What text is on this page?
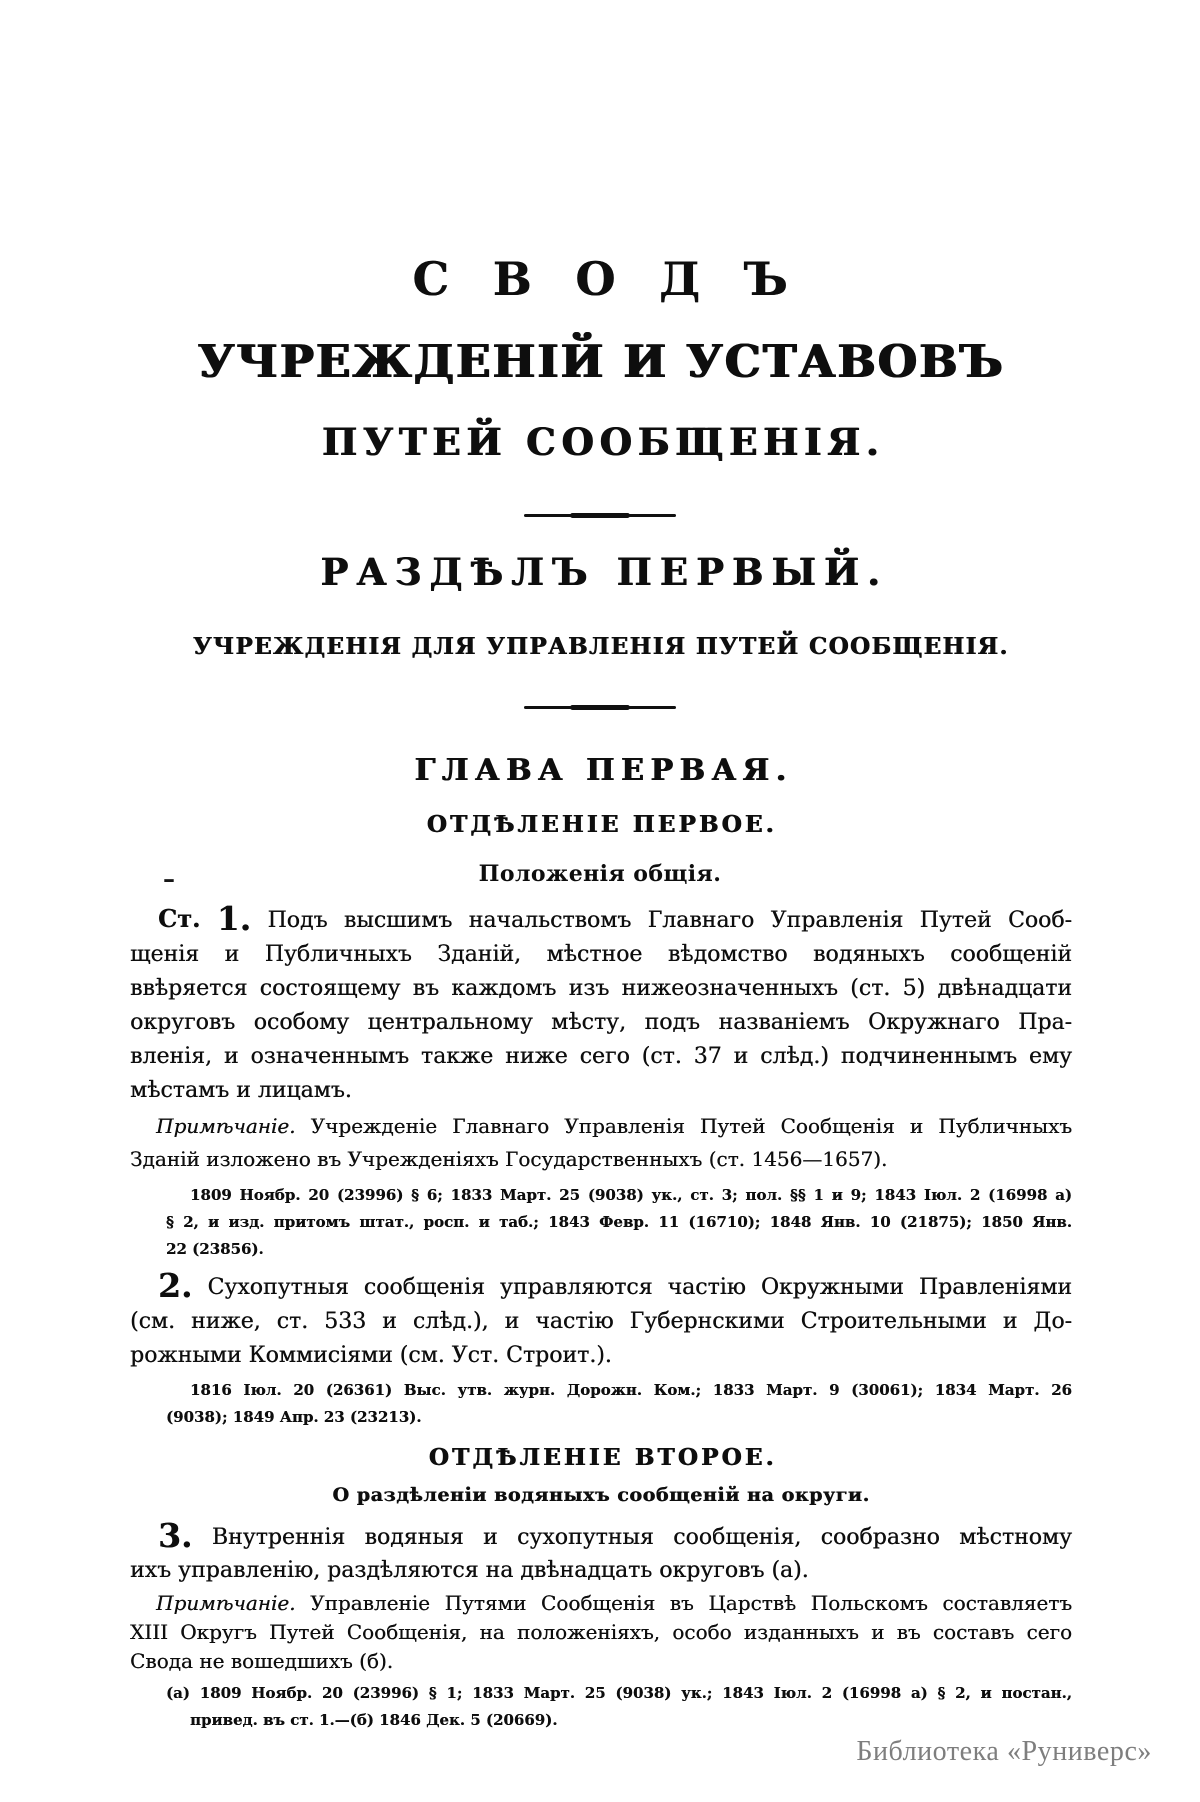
СВОДЪ
УЧРЕЖДЕНІЙ И УСТАВОВЪ
ПУТЕЙ СООБЩЕНІЯ.
РАЗДѢЛЪ ПЕРВЫЙ.
УЧРЕЖДЕНІЯ ДЛЯ УПРАВЛЕНІЯ ПУТЕЙ СООБЩЕНІЯ.
ГЛАВА ПЕРВАЯ.
ОТДѢЛЕНІЕ ПЕРВОЕ.
Положенія общія.
–
Ст. 1. Подъ высшимъ начальствомъ Главнаго Управленія Путей Сооб-
щенія и Публичныхъ Зданій, мѣстное вѣдомство водяныхъ сообщеній
ввѣряется состоящему въ каждомъ изъ нижеозначенныхъ (ст. 5) двѣнадцати
округовъ особому центральному мѣсту, подъ названіемъ Окружнаго Пра-
вленія, и означеннымъ также ниже сего (ст. 37 и слѣд.) подчиненнымъ ему
мѣстамъ и лицамъ.
Примѣчаніе. Учрежденіе Главнаго Управленія Путей Сообщенія и Публичныхъ
Зданій изложено въ Учрежденіяхъ Государственныхъ (ст. 1456—1657).
1809 Ноябр. 20 (23996) § 6; 1833 Март. 25 (9038) ук., ст. 3; пол. §§ 1 и 9; 1843 Іюл. 2 (16998 а)
§ 2, и изд. притомъ штат., росп. и таб.; 1843 Февр. 11 (16710); 1848 Янв. 10 (21875); 1850 Янв.
22 (23856).
2. Сухопутныя сообщенія управляются частію Окружными Правленіями
(см. ниже, ст. 533 и слѣд.), и частію Губернскими Строительными и До-
рожными Коммисіями (см. Уст. Строит.).
1816 Іюл. 20 (26361) Выс. утв. журн. Дорожн. Ком.; 1833 Март. 9 (30061); 1834 Март. 26
(9038); 1849 Апр. 23 (23213).
ОТДѢЛЕНІЕ ВТОРОЕ.
О раздѣленіи водяныхъ сообщеній на округи.
3. Внутреннія водяныя и сухопутныя сообщенія, сообразно мѣстному
ихъ управленію, раздѣляются на двѣнадцать округовъ (а).
Примѣчаніе. Управленіе Путями Сообщенія въ Царствѣ Польскомъ составляетъ
XIII Округъ Путей Сообщенія, на положеніяхъ, особо изданныхъ и въ составъ сего
Свода не вошедшихъ (б).
(а) 1809 Ноябр. 20 (23996) § 1; 1833 Март. 25 (9038) ук.; 1843 Іюл. 2 (16998 а) § 2, и постан.,
привед. въ ст. 1.—(б) 1846 Дек. 5 (20669).
Библиотека «Руниверс»
